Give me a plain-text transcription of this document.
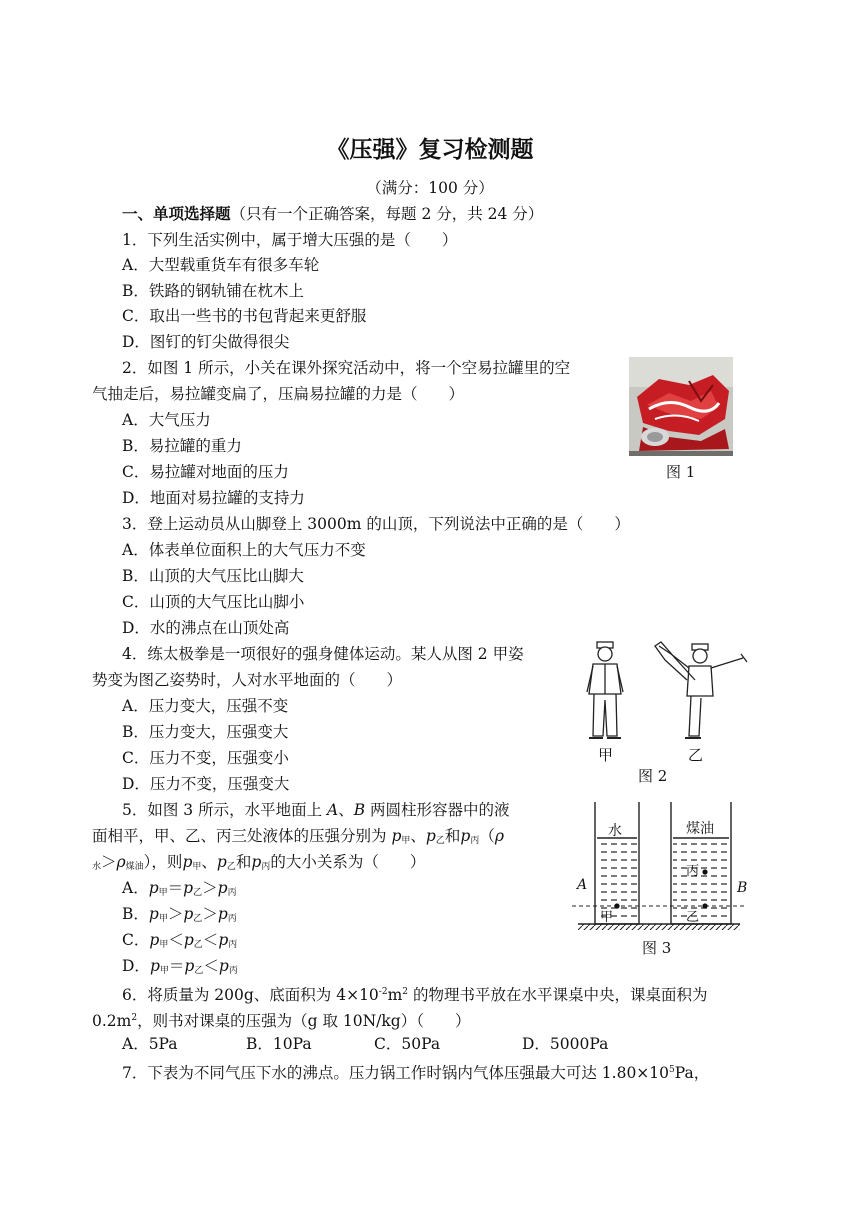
《压强》复习检测题
（满分：100 分）
一、单项选择题（只有一个正确答案，每题 2 分，共 24 分）
1．下列生活实例中，属于增大压强的是（　　）
A．大型载重货车有很多车轮
B．铁路的钢轨铺在枕木上
C．取出一些书的书包背起来更舒服
D．图钉的钉尖做得很尖
2．如图 1 所示，小关在课外探究活动中，将一个空易拉罐里的空
气抽走后，易拉罐变扁了，压扁易拉罐的力是（　　）
A．大气压力
B．易拉罐的重力
C．易拉罐对地面的压力
D．地面对易拉罐的支持力
图 1
3．登上运动员从山脚登上 3000m 的山顶，下列说法中正确的是（　　）
A．体表单位面积上的大气压力不变
B．山顶的大气压比山脚大
C．山顶的大气压比山脚小
D．水的沸点在山顶处高
4．练太极拳是一项很好的强身健体运动。某人从图 2 甲姿
势变为图乙姿势时，人对水平地面的（　　）
A．压力变大，压强不变
B．压力变大，压强变大
C．压力不变，压强变小
D．压力不变，压强变大
甲	乙
图 2
5．如图 3 所示，水平地面上 A、B 两圆柱形容器中的液
面相平，甲、乙、丙三处液体的压强分别为 p甲、p乙和p丙（ρ
水＞ρ煤油），则p甲、p乙和p丙的大小关系为（　　）
A．p甲＝p乙＞p丙
B．p甲＞p乙＞p丙
C．p甲＜p乙＜p丙
D．p甲＝p乙＜p丙
水	煤油
A	B
丙
甲	乙
图 3
6．将质量为 200g、底面积为 $4\times 10^{-2}m^2$ 的物理书平放在水平课桌中央，课桌面积为
$0.2m^2$，则书对课桌的压强为（g 取 10N/kg）（　　）
A．5Pa	B．10Pa	C．50Pa	D．5000Pa
7．下表为不同气压下水的沸点。压力锅工作时锅内气体压强最大可达 $1.80\times 10^5Pa$，
